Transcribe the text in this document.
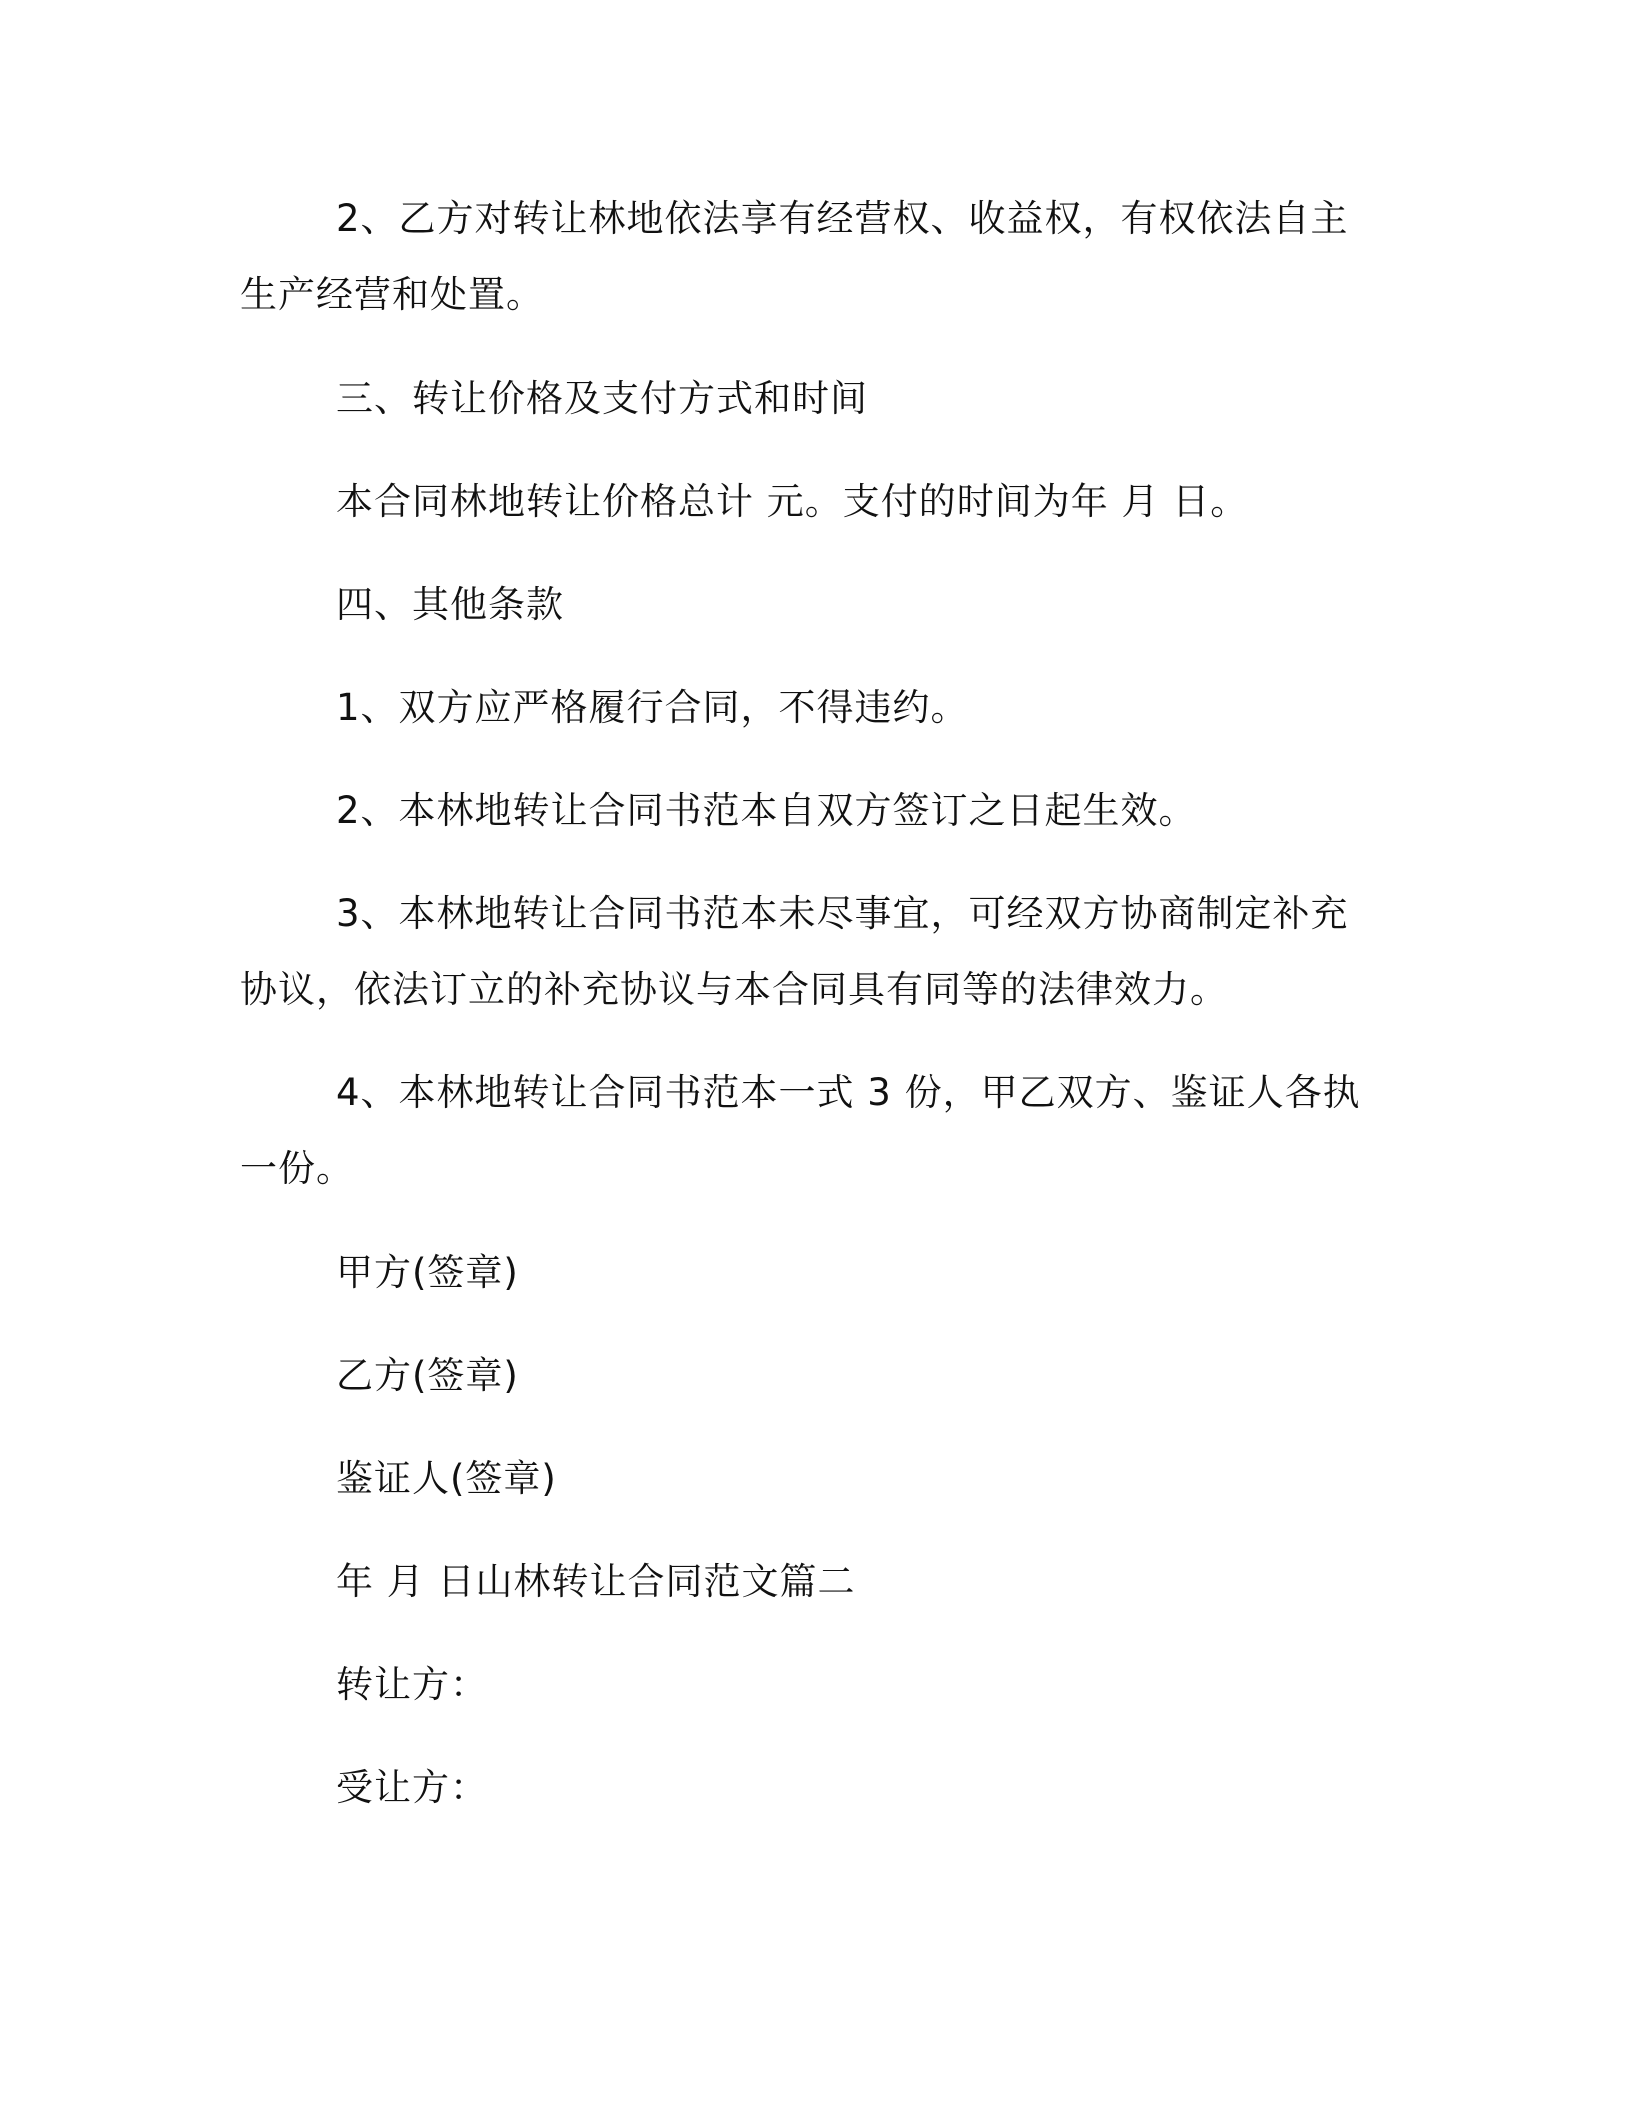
2、乙方对转让林地依法享有经营权、收益权，有权依法自主生产经营和处置。
三、转让价格及支付方式和时间
本合同林地转让价格总计 元。支付的时间为年 月 日。
四、其他条款
1、双方应严格履行合同，不得违约。
2、本林地转让合同书范本自双方签订之日起生效。
3、本林地转让合同书范本未尽事宜，可经双方协商制定补充协议，依法订立的补充协议与本合同具有同等的法律效力。
4、本林地转让合同书范本一式 3 份，甲乙双方、鉴证人各执一份。
甲方(签章)
乙方(签章)
鉴证人(签章)
年 月 日山林转让合同范文篇二
转让方：
受让方：
